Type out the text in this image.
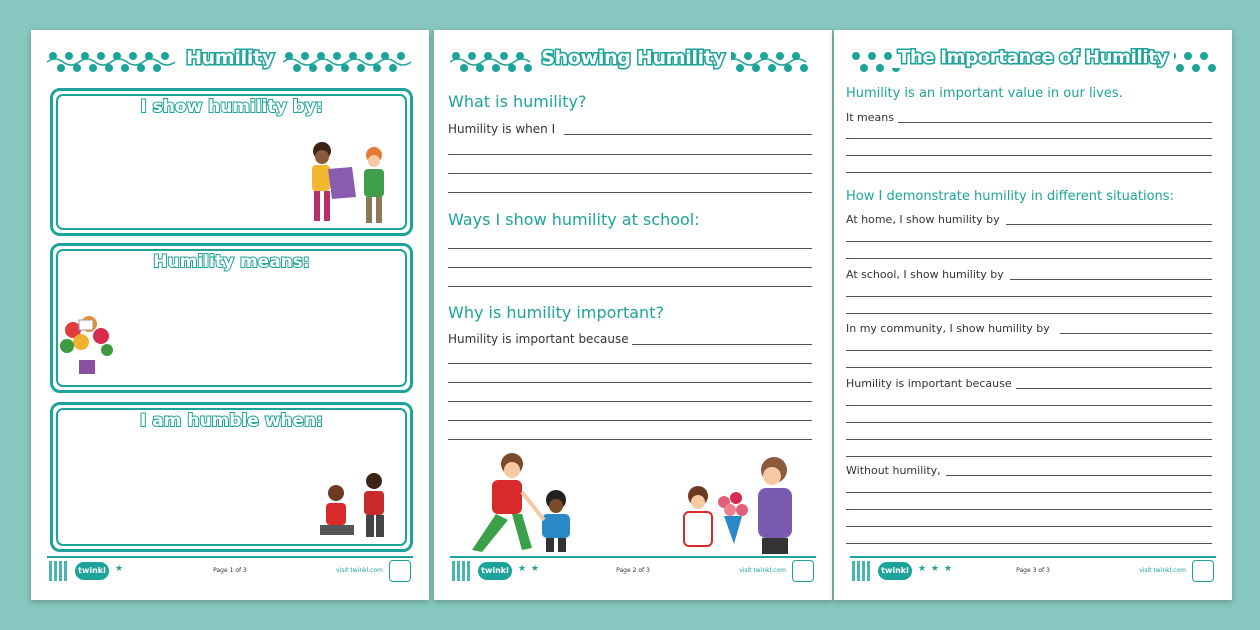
Humility
I show humility by:
Humility means:
I am humble when:
twinkl	★	Page 1 of 3	visit twinkl.com
Showing Humility
What is humility?
Humility is when I
Ways I show humility at school:
Why is humility important?
Humility is important because
twinkl	★ ★	Page 2 of 3	visit twinkl.com
The Importance of Humility
Humility is an important value in our lives.
It means
How I demonstrate humility in different situations:
At home, I show humility by
At school, I show humility by
In my community, I show humility by
Humility is important because
Without humility,
twinkl	★ ★ ★	Page 3 of 3	visit twinkl.com
